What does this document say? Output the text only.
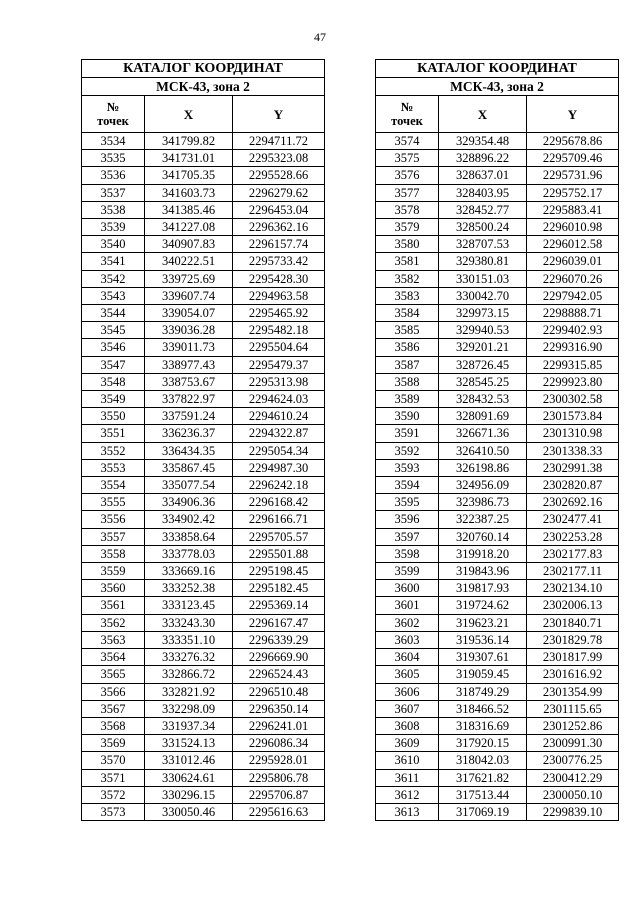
47
КАТАЛОГ КООРДИНАТ		
МСК-43, зона 2		
№
точек	X	Y
3534	341799.82	2294711.72
3535	341731.01	2295323.08
3536	341705.35	2295528.66
3537	341603.73	2296279.62
3538	341385.46	2296453.04
3539	341227.08	2296362.16
3540	340907.83	2296157.74
3541	340222.51	2295733.42
3542	339725.69	2295428.30
3543	339607.74	2294963.58
3544	339054.07	2295465.92
3545	339036.28	2295482.18
3546	339011.73	2295504.64
3547	338977.43	2295479.37
3548	338753.67	2295313.98
3549	337822.97	2294624.03
3550	337591.24	2294610.24
3551	336236.37	2294322.87
3552	336434.35	2295054.34
3553	335867.45	2294987.30
3554	335077.54	2296242.18
3555	334906.36	2296168.42
3556	334902.42	2296166.71
3557	333858.64	2295705.57
3558	333778.03	2295501.88
3559	333669.16	2295198.45
3560	333252.38	2295182.45
3561	333123.45	2295369.14
3562	333243.30	2296167.47
3563	333351.10	2296339.29
3564	333276.32	2296669.90
3565	332866.72	2296524.43
3566	332821.92	2296510.48
3567	332298.09	2296350.14
3568	331937.34	2296241.01
3569	331524.13	2296086.34
3570	331012.46	2295928.01
3571	330624.61	2295806.78
3572	330296.15	2295706.87
3573	330050.46	2295616.63
КАТАЛОГ КООРДИНАТ		
МСК-43, зона 2		
№
точек	X	Y
3574	329354.48	2295678.86
3575	328896.22	2295709.46
3576	328637.01	2295731.96
3577	328403.95	2295752.17
3578	328452.77	2295883.41
3579	328500.24	2296010.98
3580	328707.53	2296012.58
3581	329380.81	2296039.01
3582	330151.03	2296070.26
3583	330042.70	2297942.05
3584	329973.15	2298888.71
3585	329940.53	2299402.93
3586	329201.21	2299316.90
3587	328726.45	2299315.85
3588	328545.25	2299923.80
3589	328432.53	2300302.58
3590	328091.69	2301573.84
3591	326671.36	2301310.98
3592	326410.50	2301338.33
3593	326198.86	2302991.38
3594	324956.09	2302820.87
3595	323986.73	2302692.16
3596	322387.25	2302477.41
3597	320760.14	2302253.28
3598	319918.20	2302177.83
3599	319843.96	2302177.11
3600	319817.93	2302134.10
3601	319724.62	2302006.13
3602	319623.21	2301840.71
3603	319536.14	2301829.78
3604	319307.61	2301817.99
3605	319059.45	2301616.92
3606	318749.29	2301354.99
3607	318466.52	2301115.65
3608	318316.69	2301252.86
3609	317920.15	2300991.30
3610	318042.03	2300776.25
3611	317621.82	2300412.29
3612	317513.44	2300050.10
3613	317069.19	2299839.10
